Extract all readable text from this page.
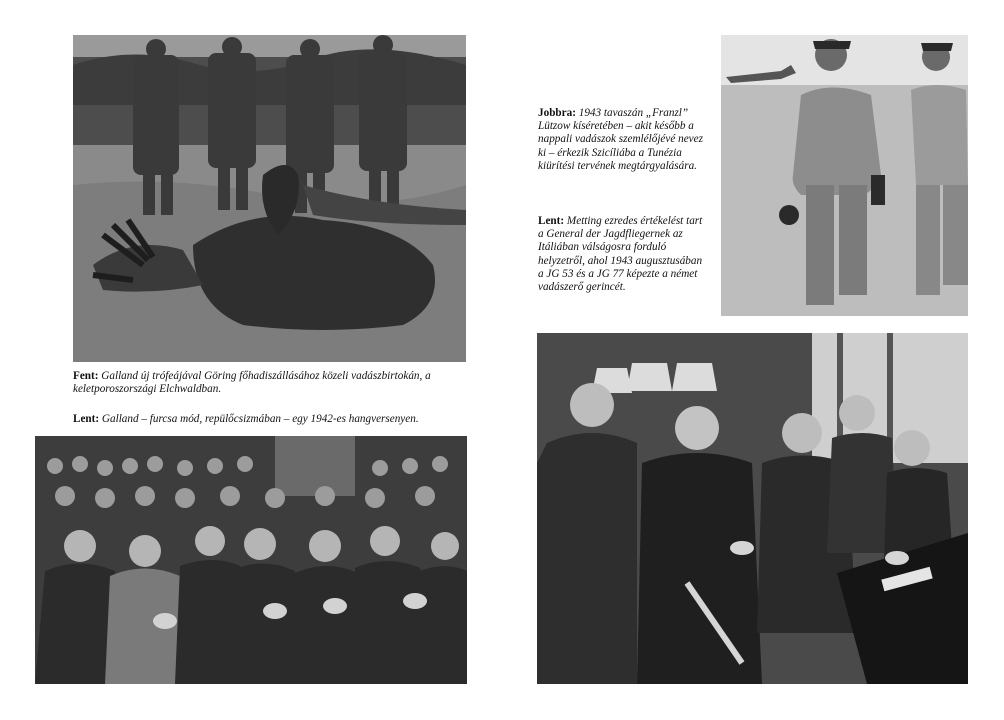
Fent: Galland új trófeájával Göring főhadiszállásához közeli vadászbirtokán, a keletporoszországi Elchwaldban.

Lent: Galland – furcsa mód, repülőcsizmában – egy 1942-es hangversenyen.

Jobbra: 1943 tavaszán „Franzl” Lützow kíséretében – akit később a nappali vadászok szemlélőjévé nevez ki – érkezik Szicíliába a Tunézia kiürítési tervének megtárgyalására.

Lent: Metting ezredes értékelést tart a General der Jagdfliegernek az Itáliában válságosra forduló helyzetről, ahol 1943 augusztusában a JG 53 és a JG 77 képezte a német vadászerő gerincét.
